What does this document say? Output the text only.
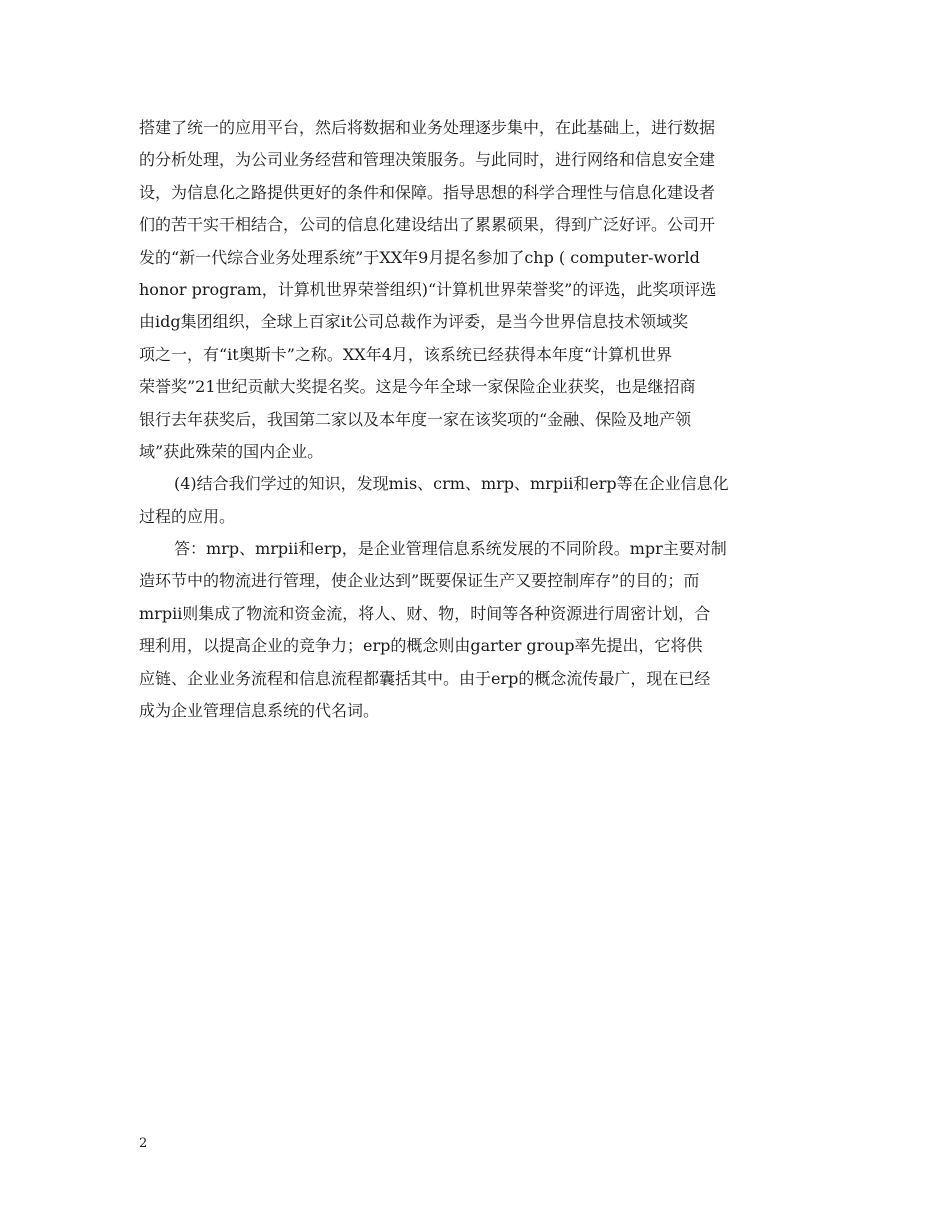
搭建了统一的应用平台，然后将数据和业务处理逐步集中，在此基础上，进行数据
的分析处理，为公司业务经营和管理决策服务。与此同时，进行网络和信息安全建
设，为信息化之路提供更好的条件和保障。指导思想的科学合理性与信息化建设者
们的苦干实干相结合，公司的信息化建设结出了累累硕果，得到广泛好评。公司开
发的“新一代综合业务处理系统”于XX年9月提名参加了chp ( computer-world
honor program，计算机世界荣誉组织)“计算机世界荣誉奖”的评选，此奖项评选
由idg集团组织，全球上百家it公司总裁作为评委，是当今世界信息技术领域奖
项之一，有“it奥斯卡”之称。XX年4月，该系统已经获得本年度“计算机世界
荣誉奖”21世纪贡献大奖提名奖。这是今年全球一家保险企业获奖，也是继招商
银行去年获奖后，我国第二家以及本年度一家在该奖项的“金融、保险及地产领
域”获此殊荣的国内企业。
(4)结合我们学过的知识，发现mis、crm、mrp、mrpⅱ和erp等在企业信息化
过程的应用。
答：mrp、mrpⅱ和erp，是企业管理信息系统发展的不同阶段。mpr主要对制
造环节中的物流进行管理，使企业达到”既要保证生产又要控制库存”的目的；而
mrpⅱ则集成了物流和资金流，将人、财、物，时间等各种资源进行周密计划，合
理利用，以提高企业的竞争力；erp的概念则由garter group率先提出，它将供
应链、企业业务流程和信息流程都囊括其中。由于erp的概念流传最广，现在已经
成为企业管理信息系统的代名词。
2
